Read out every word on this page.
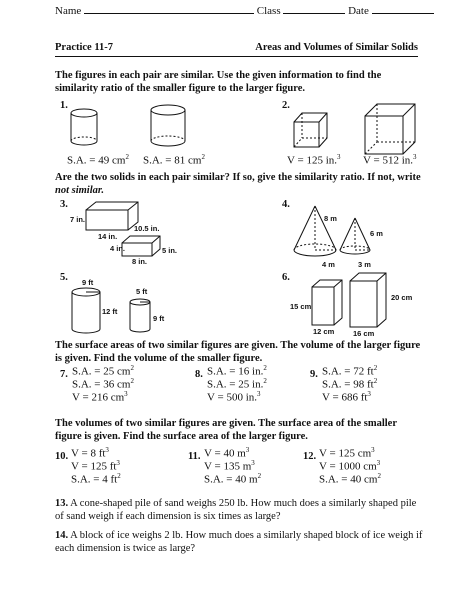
Name	Class	Date
Practice 11-7	Areas and Volumes of Similar Solids
The figures in each pair are similar. Use the given information to find the similarity ratio of the smaller figure to the larger figure.
1.
S.A. = 49 $cm^2$ S.A. = 81 $cm^2$
2.
V = 125 in.$^3$ V = 512 in.$^3$
Are the two solids in each pair similar? If so, give the similarity ratio. If not, write not similar.
3.
7 in.
14 in.
10.5 in.
4 in.	5 in.
8 in.
4.
8 m
6 m
4 m	3 m
5. 9 ft
12 ft
5 ft
9 ft
6.
15 cm
12 cm
20 cm
16 cm
The surface areas of two similar figures are given. The volume of the larger figure is given. Find the volume of the smaller figure.
7. S.A. = 25 $cm^2$
S.A. = 36 $cm^2$
V = 216 $cm^3$
8. S.A. = 16 in.$^2$
S.A. = 25 in.$^2$
V = 500 in.$^3$
9. S.A. = 72 $ft^2$
S.A. = 98 $ft^2$
V = 686 $ft^3$
The volumes of two similar figures are given. The surface area of the smaller figure is given. Find the surface area of the larger figure.
10. V = 8 $ft^3$
V = 125 $ft^3$
S.A. = 4 $ft^2$
11. V = 40 $m^3$
V = 135 $m^3$
S.A. = 40 $m^2$
12. V = 125 $cm^3$
V = 1000 $cm^3$
S.A. = 40 $cm^2$
13. A cone-shaped pile of sand weighs 250 lb. How much does a similarly shaped pile of sand weigh if each dimension is six times as large?
14. A block of ice weighs 2 lb. How much does a similarly shaped block of ice weigh if each dimension is twice as large?
